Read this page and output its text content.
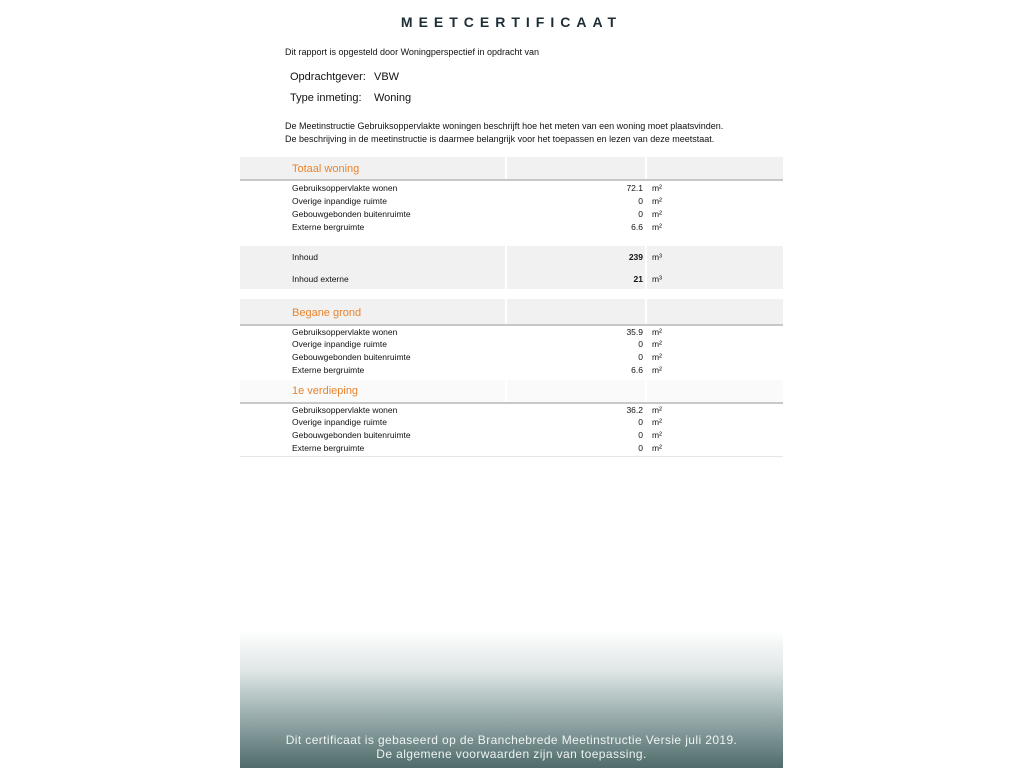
MEETCERTIFICAAT
Dit rapport is opgesteld door Woningperspectief in opdracht van
Opdrachtgever: VBW
Type inmeting: Woning
De Meetinstructie Gebruiksoppervlakte woningen beschrijft hoe het meten van een woning moet plaatsvinden.
De beschrijving in de meetinstructie is daarmee belangrijk voor het toepassen en lezen van deze meetstaat.
Totaal woning
Gebruiksoppervlakte wonen	72.1 m²
Overige inpandige ruimte	0 m²
Gebouwgebonden buitenruimte	0 m²
Externe bergruimte	6.6 m²
Inhoud	239 m³
Inhoud externe	21 m³
Begane grond
Gebruiksoppervlakte wonen	35.9 m²
Overige inpandige ruimte	0 m²
Gebouwgebonden buitenruimte	0 m²
Externe bergruimte	6.6 m²
1e verdieping
Gebruiksoppervlakte wonen	36.2 m²
Overige inpandige ruimte	0 m²
Gebouwgebonden buitenruimte	0 m²
Externe bergruimte	0 m²
Dit certificaat is gebaseerd op de Branchebrede Meetinstructie Versie juli 2019.
De algemene voorwaarden zijn van toepassing.
